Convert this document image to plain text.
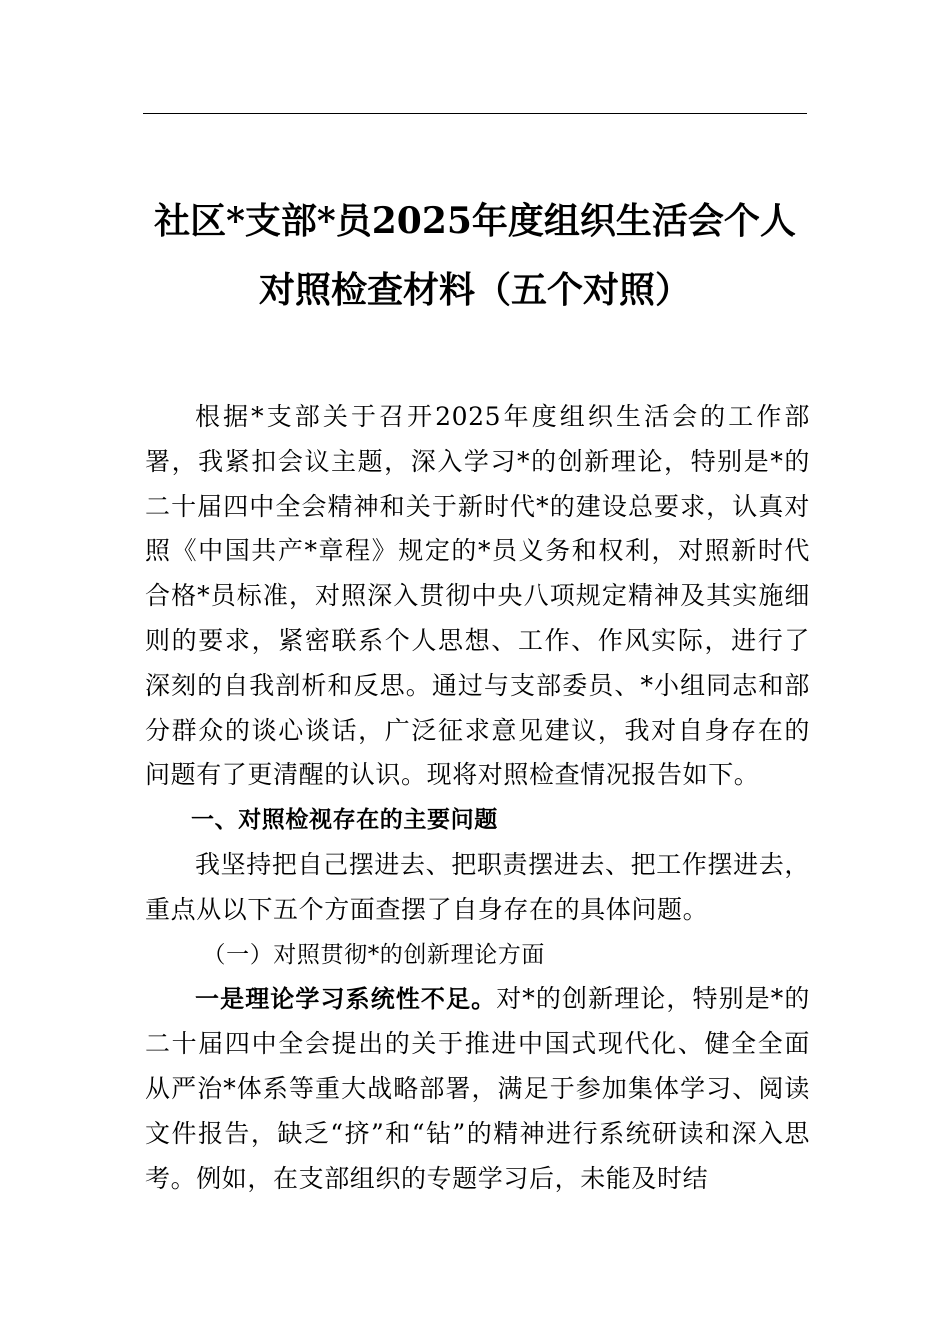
社区*支部*员2025年度组织生活会个人对照检查材料（五个对照）

根据*支部关于召开2025年度组织生活会的工作部署，我紧扣会议主题，深入学习*的创新理论，特别是*的二十届四中全会精神和关于新时代*的建设总要求，认真对照《中国共产*章程》规定的*员义务和权利，对照新时代合格*员标准，对照深入贯彻中央八项规定精神及其实施细则的要求，紧密联系个人思想、工作、作风实际，进行了深刻的自我剖析和反思。通过与支部委员、*小组同志和部分群众的谈心谈话，广泛征求意见建议，我对自身存在的问题有了更清醒的认识。现将对照检查情况报告如下。

一、对照检视存在的主要问题

我坚持把自己摆进去、把职责摆进去、把工作摆进去，重点从以下五个方面查摆了自身存在的具体问题。

（一）对照贯彻*的创新理论方面

一是理论学习系统性不足。对*的创新理论，特别是*的二十届四中全会提出的关于推进中国式现代化、健全全面从严治*体系等重大战略部署，满足于参加集体学习、阅读文件报告，缺乏“挤”和“钻”的精神进行系统研读和深入思考。例如，在支部组织的专题学习后，未能及时结
